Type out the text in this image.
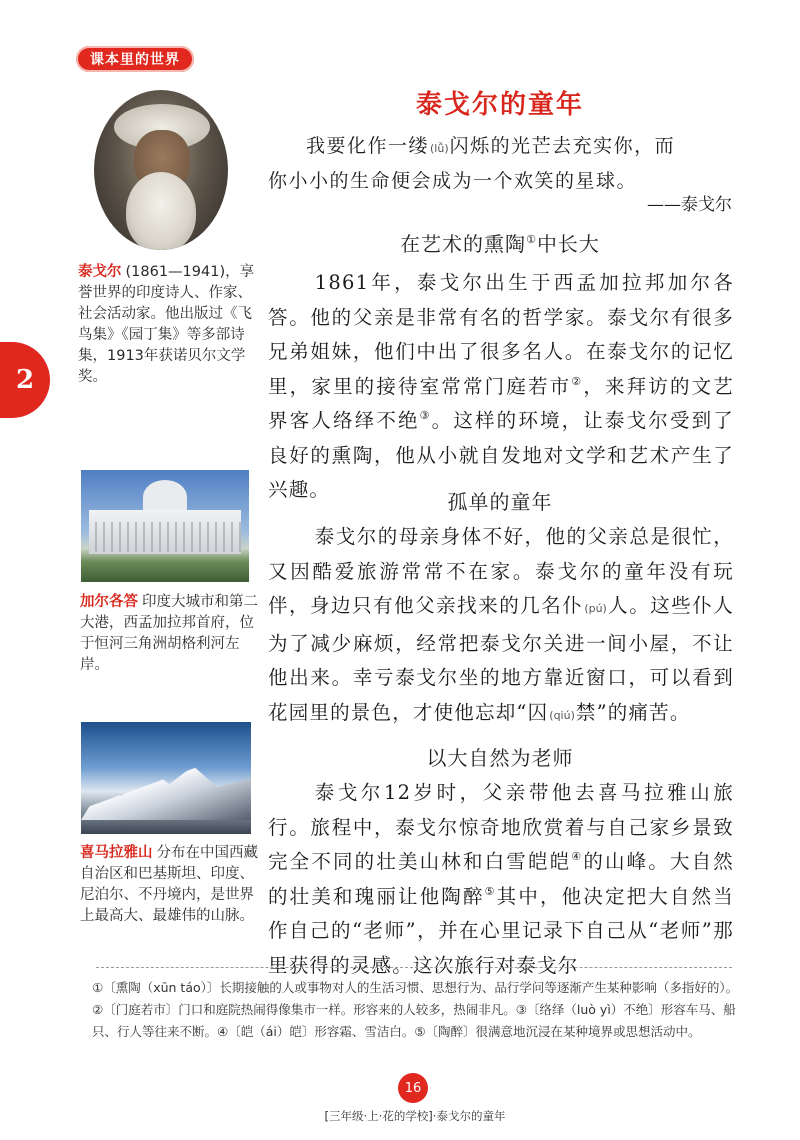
课本里的世界
2
泰戈尔 (1861—1941)，享誉世界的印度诗人、作家、社会活动家。他出版过《飞鸟集》《园丁集》等多部诗集，1913年获诺贝尔文学奖。
加尔各答 印度大城市和第二大港，西孟加拉邦首府，位于恒河三角洲胡格利河左岸。
喜马拉雅山 分布在中国西藏自治区和巴基斯坦、印度、尼泊尔、不丹境内，是世界上最高大、最雄伟的山脉。
泰戈尔的童年
我要化作一缕(lǚ)闪烁的光芒去充实你，而
你小小的生命便会成为一个欢笑的星球。
——泰戈尔
在艺术的熏陶①中长大
1861年，泰戈尔出生于西孟加拉邦加尔各答。他的父亲是非常有名的哲学家。泰戈尔有很多兄弟姐妹，他们中出了很多名人。在泰戈尔的记忆里，家里的接待室常常门庭若市②，来拜访的文艺界客人络绎不绝③。这样的环境，让泰戈尔受到了良好的熏陶，他从小就自发地对文学和艺术产生了兴趣。
孤单的童年
泰戈尔的母亲身体不好，他的父亲总是很忙，又因酷爱旅游常常不在家。泰戈尔的童年没有玩伴，身边只有他父亲找来的几名仆(pú)人。这些仆人为了减少麻烦，经常把泰戈尔关进一间小屋，不让他出来。幸亏泰戈尔坐的地方靠近窗口，可以看到花园里的景色，才使他忘却“囚(qiú)禁”的痛苦。
以大自然为老师
泰戈尔12岁时，父亲带他去喜马拉雅山旅行。旅程中，泰戈尔惊奇地欣赏着与自己家乡景致完全不同的壮美山林和白雪皑皑④的山峰。大自然的壮美和瑰丽让他陶醉⑤其中，他决定把大自然当作自己的“老师”，并在心里记录下自己从“老师”那里获得的灵感。这次旅行对泰戈尔
①〔熏陶（xūn táo）〕长期接触的人或事物对人的生活习惯、思想行为、品行学问等逐渐产生某种影响（多指好的）。②〔门庭若市〕门口和庭院热闹得像集市一样。形容来的人较多，热闹非凡。③〔络绎（luò yì）不绝〕形容车马、船只、行人等往来不断。④〔皑（ái）皑〕形容霜、雪洁白。⑤〔陶醉〕很满意地沉浸在某种境界或思想活动中。
16
[三年级·上·花的学校]·泰戈尔的童年
